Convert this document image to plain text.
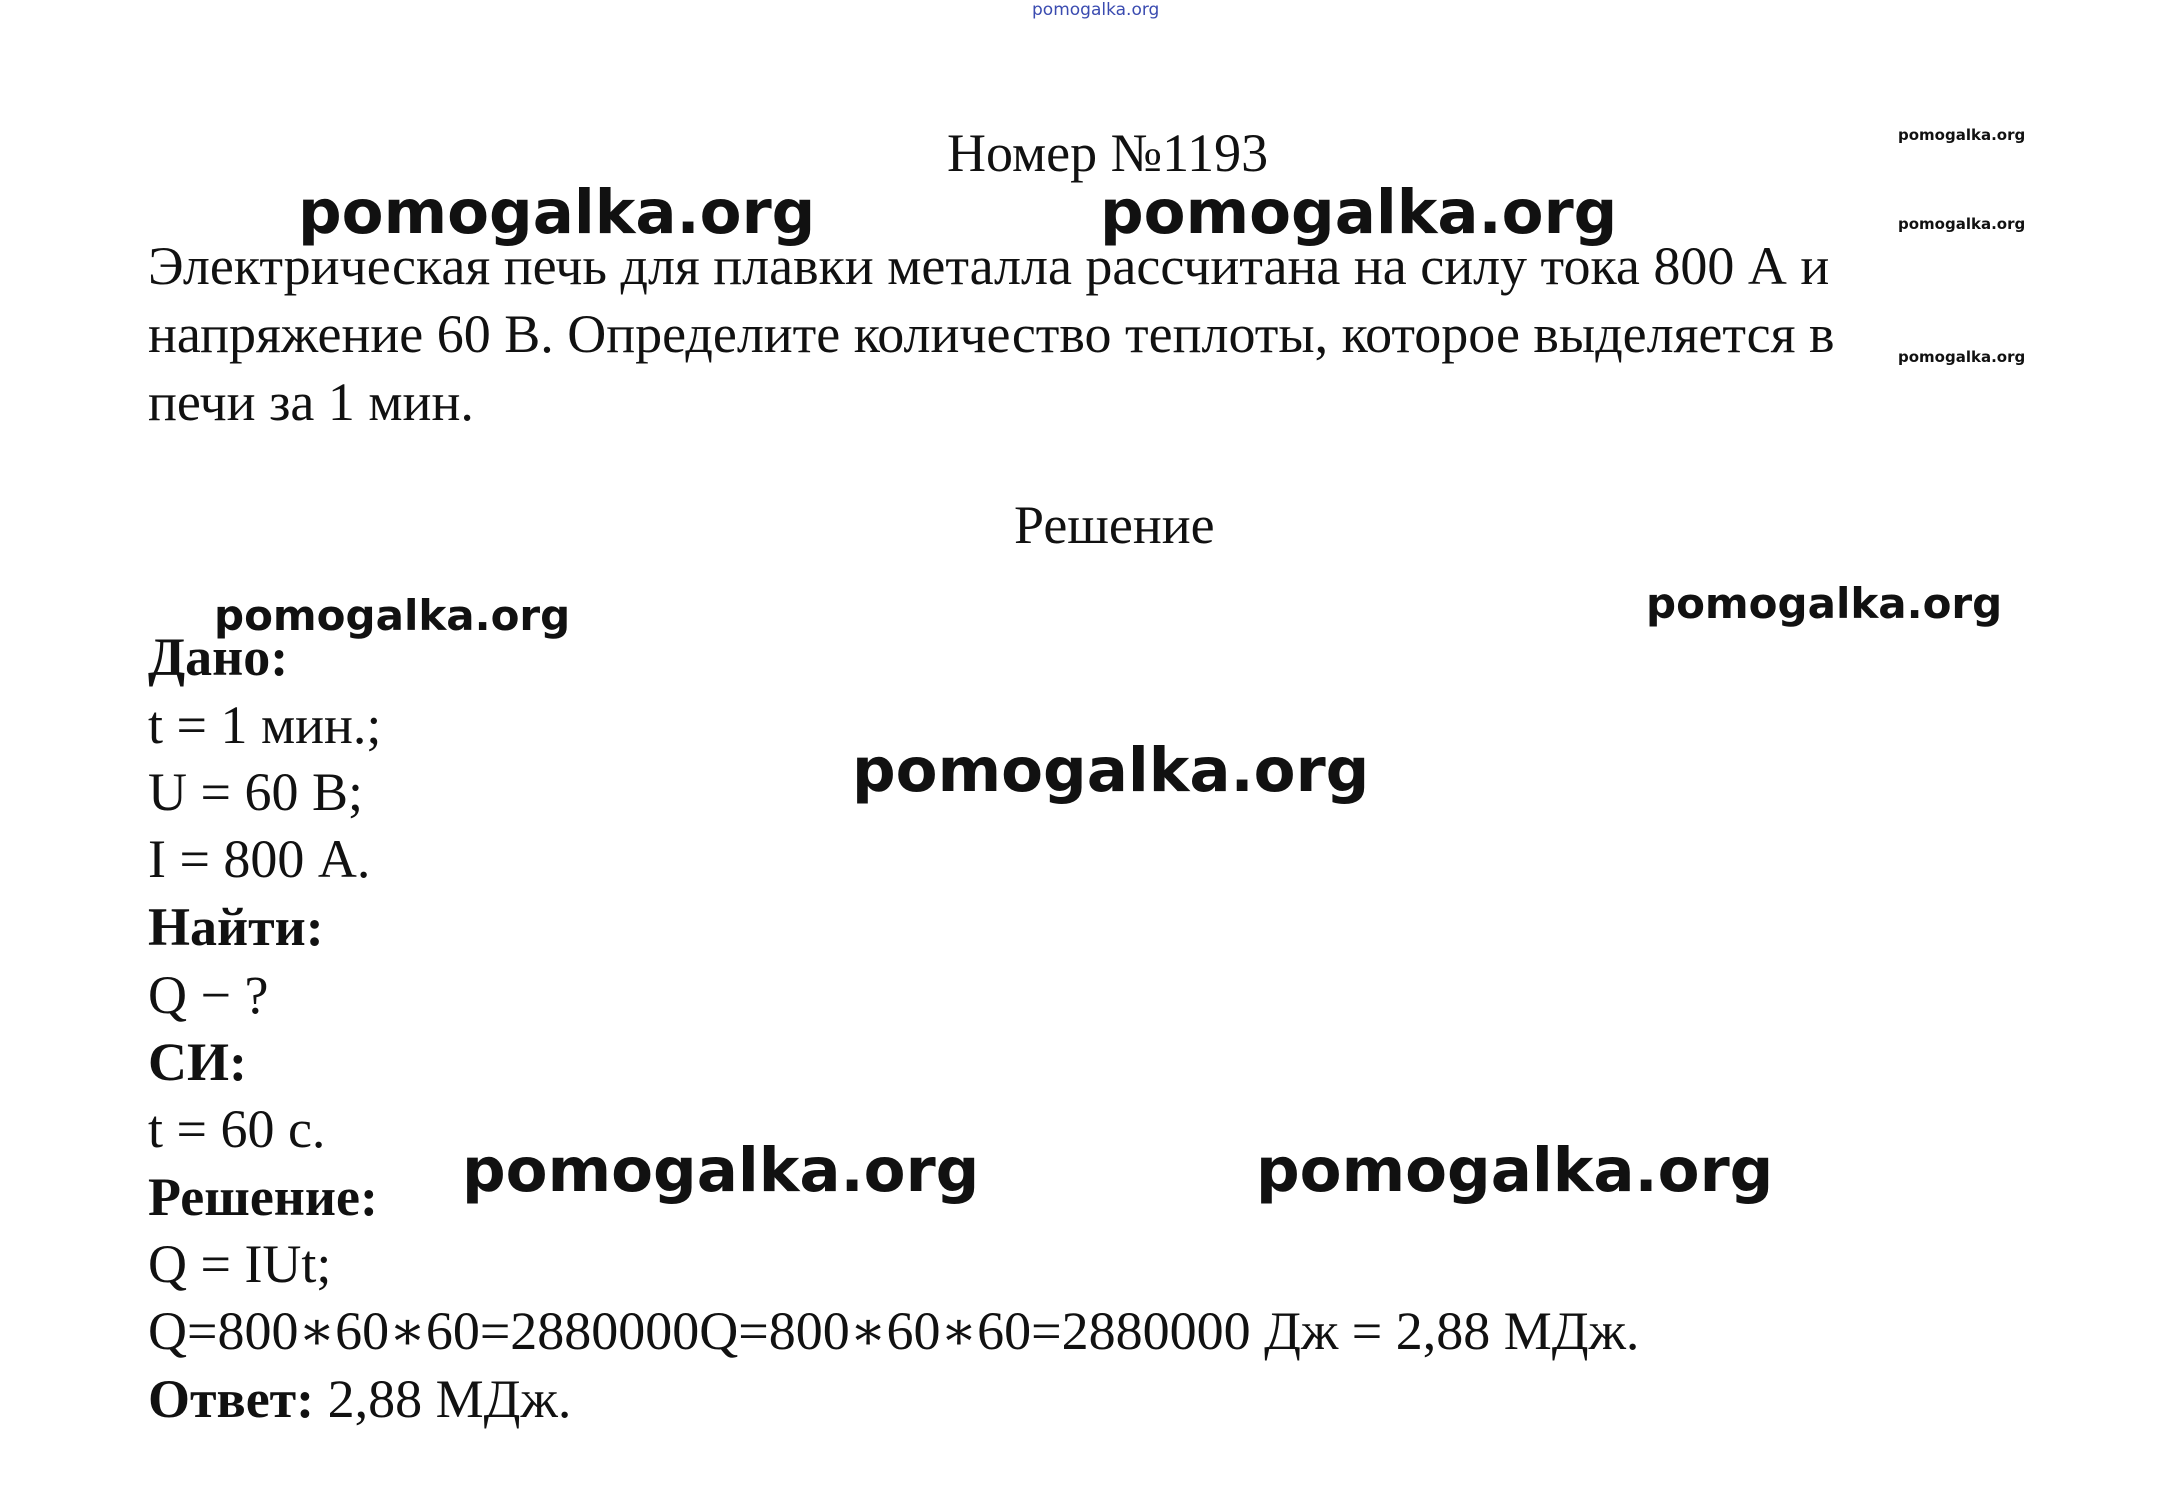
pomogalka.org
Номер №1193
pomogalka.org	pomogalka.org
pomogalka.org
pomogalka.org
pomogalka.org

Электрическая печь для плавки металла рассчитана на силу тока 800 А и

напряжение 60 В. Определите количество теплоты, которое выделяется в

печи за 1 мин.

Решение
pomogalka.org	pomogalka.org
pomogalka.org
Дано:
t = 1 мин.;
U = 60 В;
I = 800 А.
Найти:
Q − ?
СИ:
t = 60 с.
Решение: pomogalka.org	pomogalka.org
Q = IUt;
Q=800∗60∗60=2880000Q=800∗60∗60=2880000 Дж = 2,88 МДж.
Ответ: 2,88 МДж.
